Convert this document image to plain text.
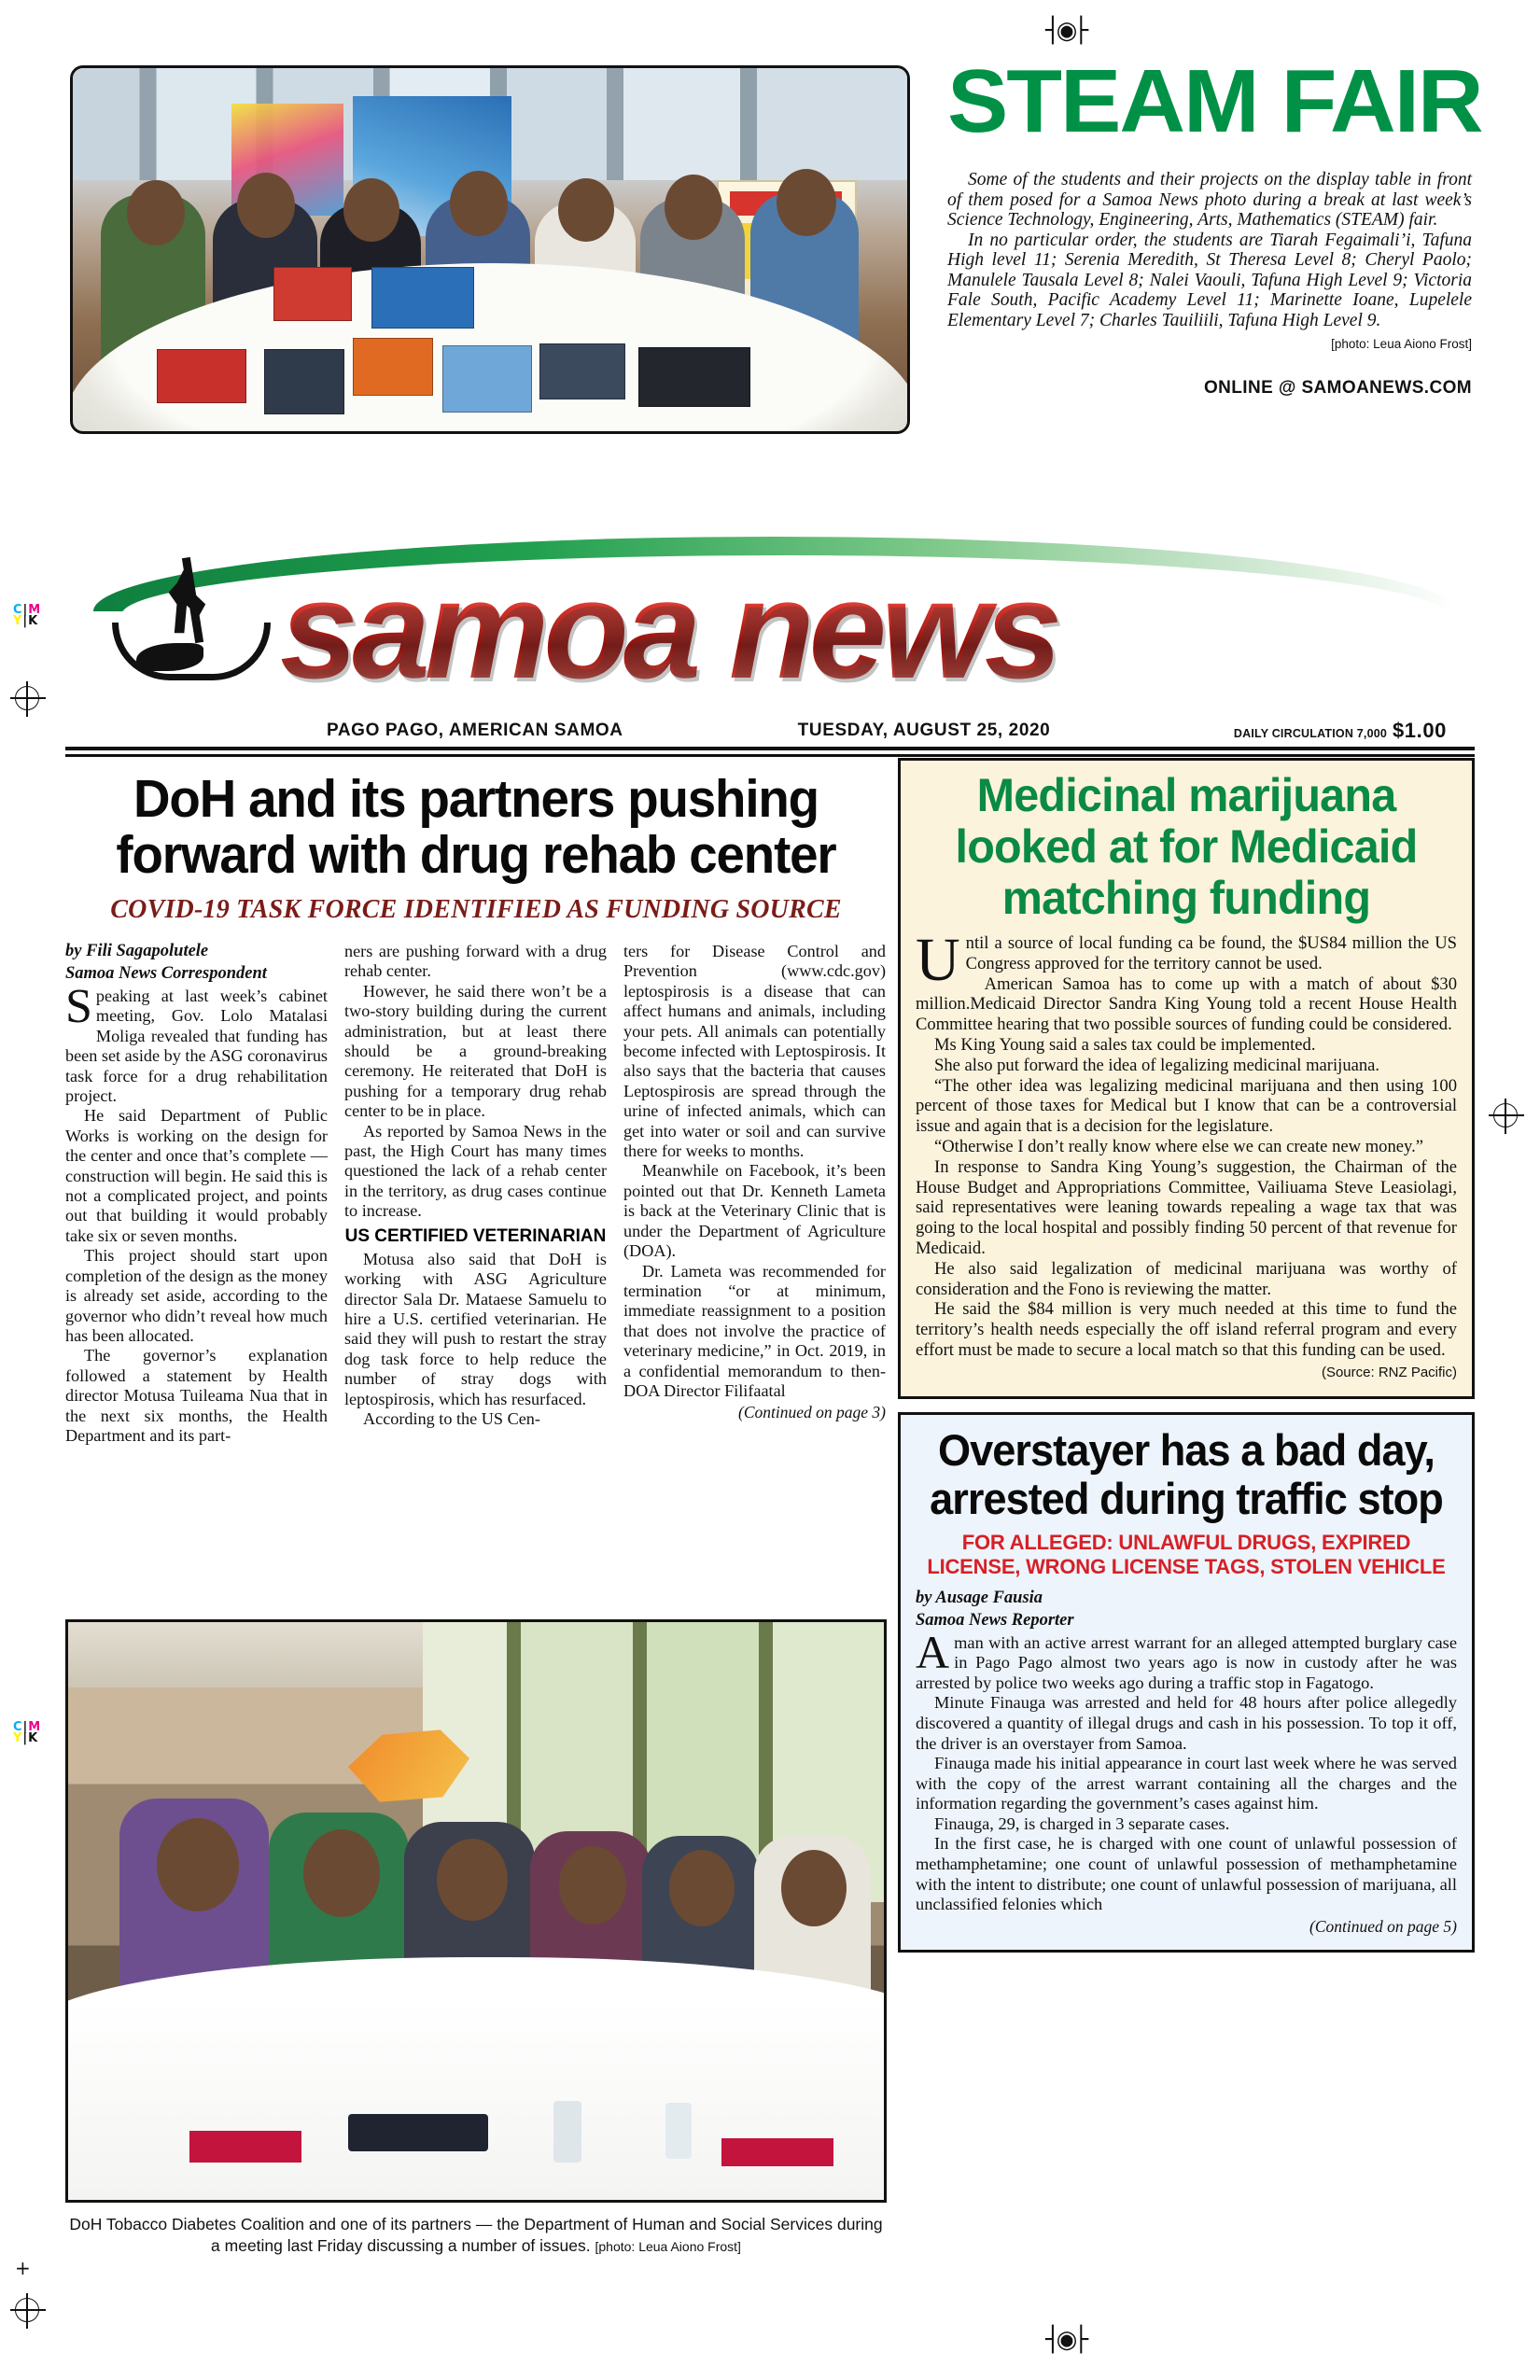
┤◉├
┤◉├
C|M
Y|K
C|M
Y|K
+
STEAM FAIR

Some of the students and their projects on the display table in front of them posed for a Samoa News photo during a break at last week’s Science Technology, Engineering, Arts, Mathematics (STEAM) fair.

In no particular order, the students are Tiarah Fegaimali’i, Tafuna High level 11; Serenia Meredith, St Theresa Level 8; Cheryl Paolo; Manulele Tausala Level 8; Nalei Vaouli, Tafuna High Level 9; Victoria Fale South, Pacific Academy Level 11; Marinette Ioane, Lupelele Elementary Level 7; Charles Tauiliili, Tafuna High Level 9.

[photo: Leua Aiono Frost]
ONLINE @ SAMOANEWS.COM
samoa news
PAGO PAGO, AMERICAN SAMOA	TUESDAY, AUGUST 25, 2020	DAILY CIRCULATION 7,000 $1.00
DoH and its partners pushing forward with drug rehab center
COVID-19 TASK FORCE IDENTIFIED AS FUNDING SOURCE
by Fili Sagapolutele
Samoa News Correspondent

Speaking at last week’s cabinet meeting, Gov. Lolo Matalasi Moliga revealed that funding has been set aside by the ASG coronavirus task force for a drug rehabilitation project.

He said Department of Public Works is working on the design for the center and once that’s complete — construction will begin. He said this is not a complicated project, and points out that building it would probably take six or seven months.

This project should start upon completion of the design as the money is already set aside, according to the governor who didn’t reveal how much has been allocated.

The governor’s explanation followed a statement by Health director Motusa Tuileama Nua that in the next six months, the Health Department and its part-

ners are pushing forward with a drug rehab center.

However, he said there won’t be a two-story building during the current administration, but at least there should be a ground-breaking ceremony. He reiterated that DoH is pushing for a temporary drug rehab center to be in place.

As reported by Samoa News in the past, the High Court has many times questioned the lack of a rehab center in the territory, as drug cases continue to increase.

US CERTIFIED VETERINARIAN

Motusa also said that DoH is working with ASG Agriculture director Sala Dr. Mataese Samuelu to hire a U.S. certified veterinarian. He said they will push to restart the stray dog task force to help reduce the number of stray dogs with leptospirosis, which has resurfaced.

According to the US Cen-

ters for Disease Control and Prevention (www.cdc.gov) leptospirosis is a disease that can affect humans and animals, including your pets. All animals can potentially become infected with Leptospirosis. It also says that the bacteria that causes Leptospirosis are spread through the urine of infected animals, which can get into water or soil and can survive there for weeks to months.

Meanwhile on Facebook, it’s been pointed out that Dr. Kenneth Lameta is back at the Veterinary Clinic that is under the Department of Agriculture (DOA).

Dr. Lameta was recommended for termination “or at minimum, immediate reassignment to a position that does not involve the practice of veterinary medicine,” in Oct. 2019, in a confidential memorandum to then-DOA Director Filifaatal

(Continued on page 3)
Medicinal marijuana looked at for Medicaid matching funding

Until a source of local funding ca be found, the $US84 million the US Congress approved for the territory cannot be used.

American Samoa has to come up with a match of about $30 million.Medicaid Director Sandra King Young told a recent House Health Committee hearing that two possible sources of funding could be considered.

Ms King Young said a sales tax could be implemented.

She also put forward the idea of legalizing medicinal marijuana.

“The other idea was legalizing medicinal marijuana and then using 100 percent of those taxes for Medical but I know that can be a controversial issue and again that is a decision for the legislature.

“Otherwise I don’t really know where else we can create new money.”

In response to Sandra King Young’s suggestion, the Chairman of the House Budget and Appropriations Committee, Vailiuama Steve Leasiolagi, said representatives were leaning towards repealing a wage tax that was going to the local hospital and possibly finding 50 percent of that revenue for Medicaid.

He also said legalization of medicinal marijuana was worthy of consideration and the Fono is reviewing the matter.

He said the $84 million is very much needed at this time to fund the territory’s health needs especially the off island referral program and every effort must be made to secure a local match so that this funding can be used.

(Source: RNZ Pacific)
Overstayer has a bad day, arrested during traffic stop
FOR ALLEGED: UNLAWFUL DRUGS, EXPIRED LICENSE, WRONG LICENSE TAGS, STOLEN VEHICLE
by Ausage Fausia
Samoa News Reporter

Aman with an active arrest warrant for an alleged attempted burglary case in Pago Pago almost two years ago is now in custody after he was arrested by police two weeks ago during a traffic stop in Fagatogo.

Minute Finauga was arrested and held for 48 hours after police allegedly discovered a quantity of illegal drugs and cash in his possession. To top it off, the driver is an overstayer from Samoa.

Finauga made his initial appearance in court last week where he was served with the copy of the arrest warrant containing all the charges and the information regarding the government’s cases against him.

Finauga, 29, is charged in 3 separate cases.

In the first case, he is charged with one count of unlawful possession of methamphetamine; one count of unlawful possession of methamphetamine with the intent to distribute; one count of unlawful possession of marijuana, all unclassified felonies which

(Continued on page 5)
DoH Tobacco Diabetes Coalition and one of its partners — the Department of Human and Social Services during a meeting last Friday discussing a number of issues. [photo: Leua Aiono Frost]
